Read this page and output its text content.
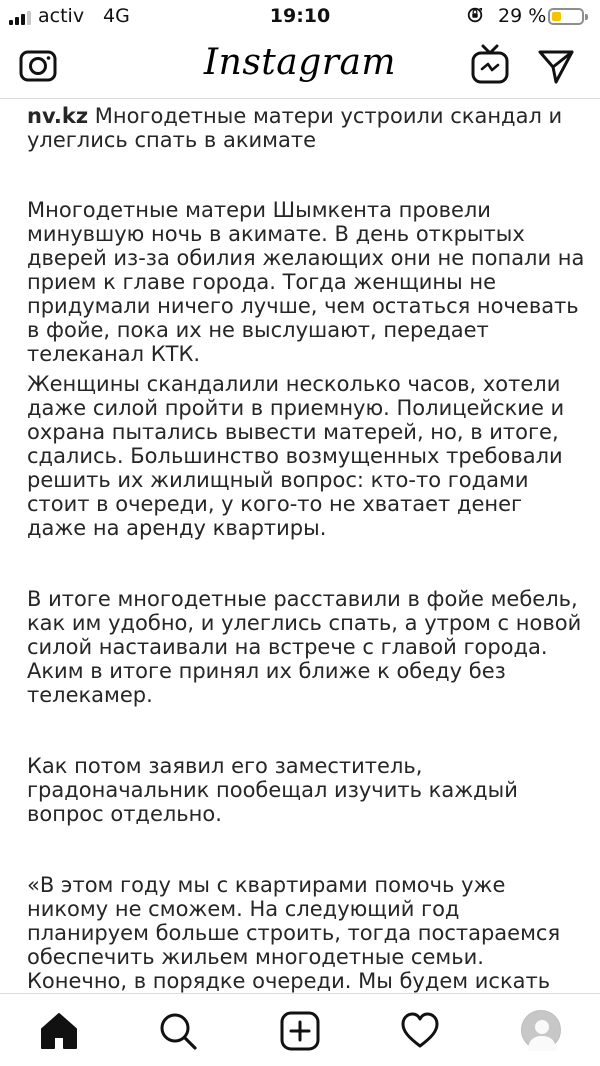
activ 4G	19:10	29 %
Instagram

nv.kz Многодетные матери устроили скандал и улеглись спать в акимате

Многодетные матери Шымкента провели минувшую ночь в акимате. В день открытых дверей из-за обилия желающих они не попали на прием к главе города. Тогда женщины не придумали ничего лучше, чем остаться ночевать в фойе, пока их не выслушают, передает телеканал КТК.

Женщины скандалили несколько часов, хотели даже силой пройти в приемную. Полицейские и охрана пытались вывести матерей, но, в итоге, сдались. Большинство возмущенных требовали решить их жилищный вопрос: кто-то годами стоит в очереди, у кого-то не хватает денег даже на аренду квартиры.

В итоге многодетные расставили в фойе мебель, как им удобно, и улеглись спать, а утром с новой силой настаивали на встрече с главой города. Аким в итоге принял их ближе к обеду без телекамер.

Как потом заявил его заместитель, градоначальник пообещал изучить каждый вопрос отдельно.

«В этом году мы с квартирами помочь уже никому не сможем. На следующий год планируем больше строить, тогда постараемся обеспечить жильем многодетные семьи. Конечно, в порядке очереди. Мы будем искать
